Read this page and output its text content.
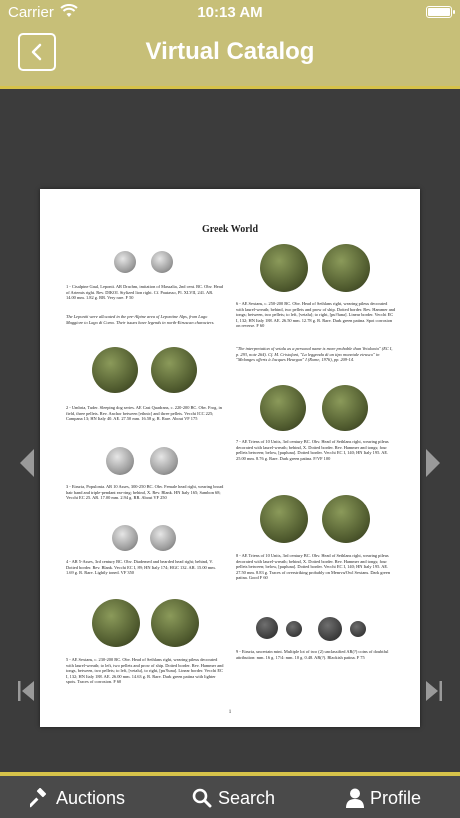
Carrier	10:13 AM
Virtual Catalog
Greek World
1 - Cisalpine Gaul, Leponti. AR Drachm, imitation of Massalia, 2nd cent. BC. Obv. Head of Artemis right. Rev. DIKOI. Stylized lion right. Cf. Pautasso, Pl. XLVII, 241. AR. 14.00 mm. 1.82 g. RR. Very rare. F 50
The Lepontii were allocated in the pre-Alpine area of Lepontine Alps, from Lago Maggiore to Lago di Como. Their issues have legends in north-Etruscan characters.
2 - Umbria, Tuder. Sleeping dog series. AE Cast Quadrans, c. 220-200 BC. Obv. Frog, in field, three pellets. Rev. Anchor between [ethnic] and three pellets. Vecchi ICC 225; Campana 13; HN Italy 40. AE. 27.50 mm. 16.58 g. R. Rare. About VF 175
3 - Etruria, Populonia. AR 10 Asses, 300-250 BC. Obv. Female head right, wearing broad hair band and triple-pendant ear-ring; behind, X. Rev. Blank. HN Italy 165; Sambon 68; Vecchi EC 25. AR. 17.00 mm. 2.94 g. RR. About VF 250
4 - AR 5-Asses, 3rd century BC. Obv. Diademed and bearded head right; behind, V. Dotted border. Rev. Blank. Vecchi EC I, 89; HN Italy 174; HGC 132. AR. 15.00 mm. 1.69 g. R. Rare. Lightly toned. VF 350
5 - AE Sextans, c. 230-200 BC. Obv. Head of Sethlans right, wearing pileus decorated with laurel-wreath; to left, two pellets and prow of ship. Dotted border. Rev. Hammer and tongs, between, two pellets; to left, [vetalu], to right, [pu?luna]. Linear border. Vecchi EC I, 132; HN Italy 188. AE. 26.00 mm. 14.63 g. R. Rare. Dark green patina with lighter spots. Traces of corrosion. F 60
6 - AE Sextans, c. 250-200 BC. Obv. Head of Sethlans right, wearing pileus decorated with laurel-wreath; behind, two pellets and prow of ship. Dotted border. Rev. Hammer and tongs; between, two pellets; to left, [vetalu]; to right, [pu?luna]. Linear border. Vecchi EC I, 132; HN Italy 188. AE. 26.50 mm. 12.78 g. R. Rare. Dark green patina. Spot corrosion on reverse. F 60
"The interpretation of vetalu as a personal name is more probable than Vetulonia" (EC I, p. 293, note 264). Cf. M. Cristofani, "La leggenda di un tipo monetale etrusco" in "Melanges offerts à Jacques Heurgon" I (Rome, 1976), pp. 209-14.
7 - AE Triens of 10 Units, 3rd century BC. Obv. Head of Sethlans right, wearing pileus decorated with laurel-wreath; behind, X. Dotted border. Rev. Hammer and tongs; four pellets between; below, [pupluna]. Dotted border. Vecchi EC I, 140; HN Italy 195. AE. 25.00 mm. 8.76 g. Rare. Dark green patina. F/VF 100
8 - AE Triens of 10 Units, 3rd century BC. Obv. Head of Sethlans right, wearing pileus decorated with laurel-wreath; behind, X. Dotted border. Rev. Hammer and tongs; four pellets between; below, [pupluna]. Dotted border. Vecchi EC I, 140; HN Italy 195. AE. 27.50 mm. 8.83 g. Traces of overstriking probably on Menrva/Owl Sextans. Dark green patina. Good F 60
9 - Etruria, uncertain mint. Multiple lot of two (2) unclassified AR(?) coins of doubtful attribution: mm. 16 g. 17/4: mm. 10 g. 0.48. AR(?). Blackish patina. F 75
1
Auctions	Search	Profile
